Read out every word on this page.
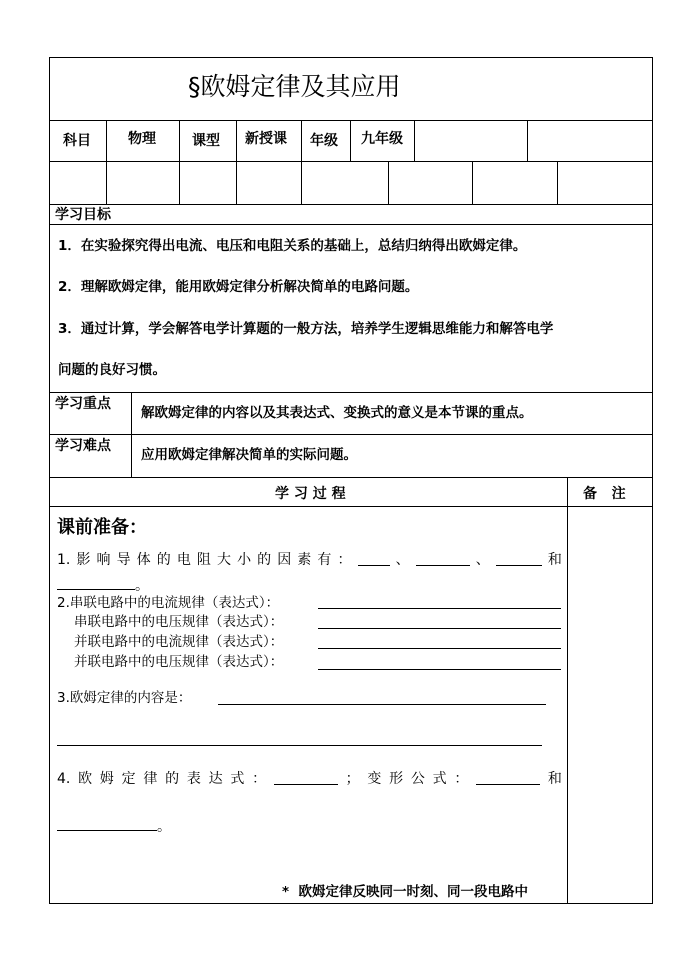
§欧姆定律及其应用
科目	物理	课型 新授课 年级 九年级
学习目标
1．在实验探究得出电流、电压和电阻关系的基础上，总结归纳得出欧姆定律。
2．理解欧姆定律，能用欧姆定律分析解决简单的电路问题。
3．通过计算，学会解答电学计算题的一般方法，培养学生逻辑思维能力和解答电学
问题的良好习惯。
学习重点
解欧姆定律的内容以及其表达式、变换式的意义是本节课的重点。
学习难点
应用欧姆定律解决简单的实际问题。
学 习 过 程	备   注
课前准备：
1. 影 响 导 体 的 电 阻 大 小 的 因 素 有 ：	、	、	和
。
2.串联电路中的电流规律（表达式）：
串联电路中的电压规律（表达式）：
并联电路中的电流规律（表达式）：
并联电路中的电压规律（表达式）：
3.欧姆定律的内容是：
4. 欧 姆 定 律 的 表 达 式 ：	； 变 形 公 式 ：	和
。
*  欧姆定律反映同一时刻、同一段电路中
